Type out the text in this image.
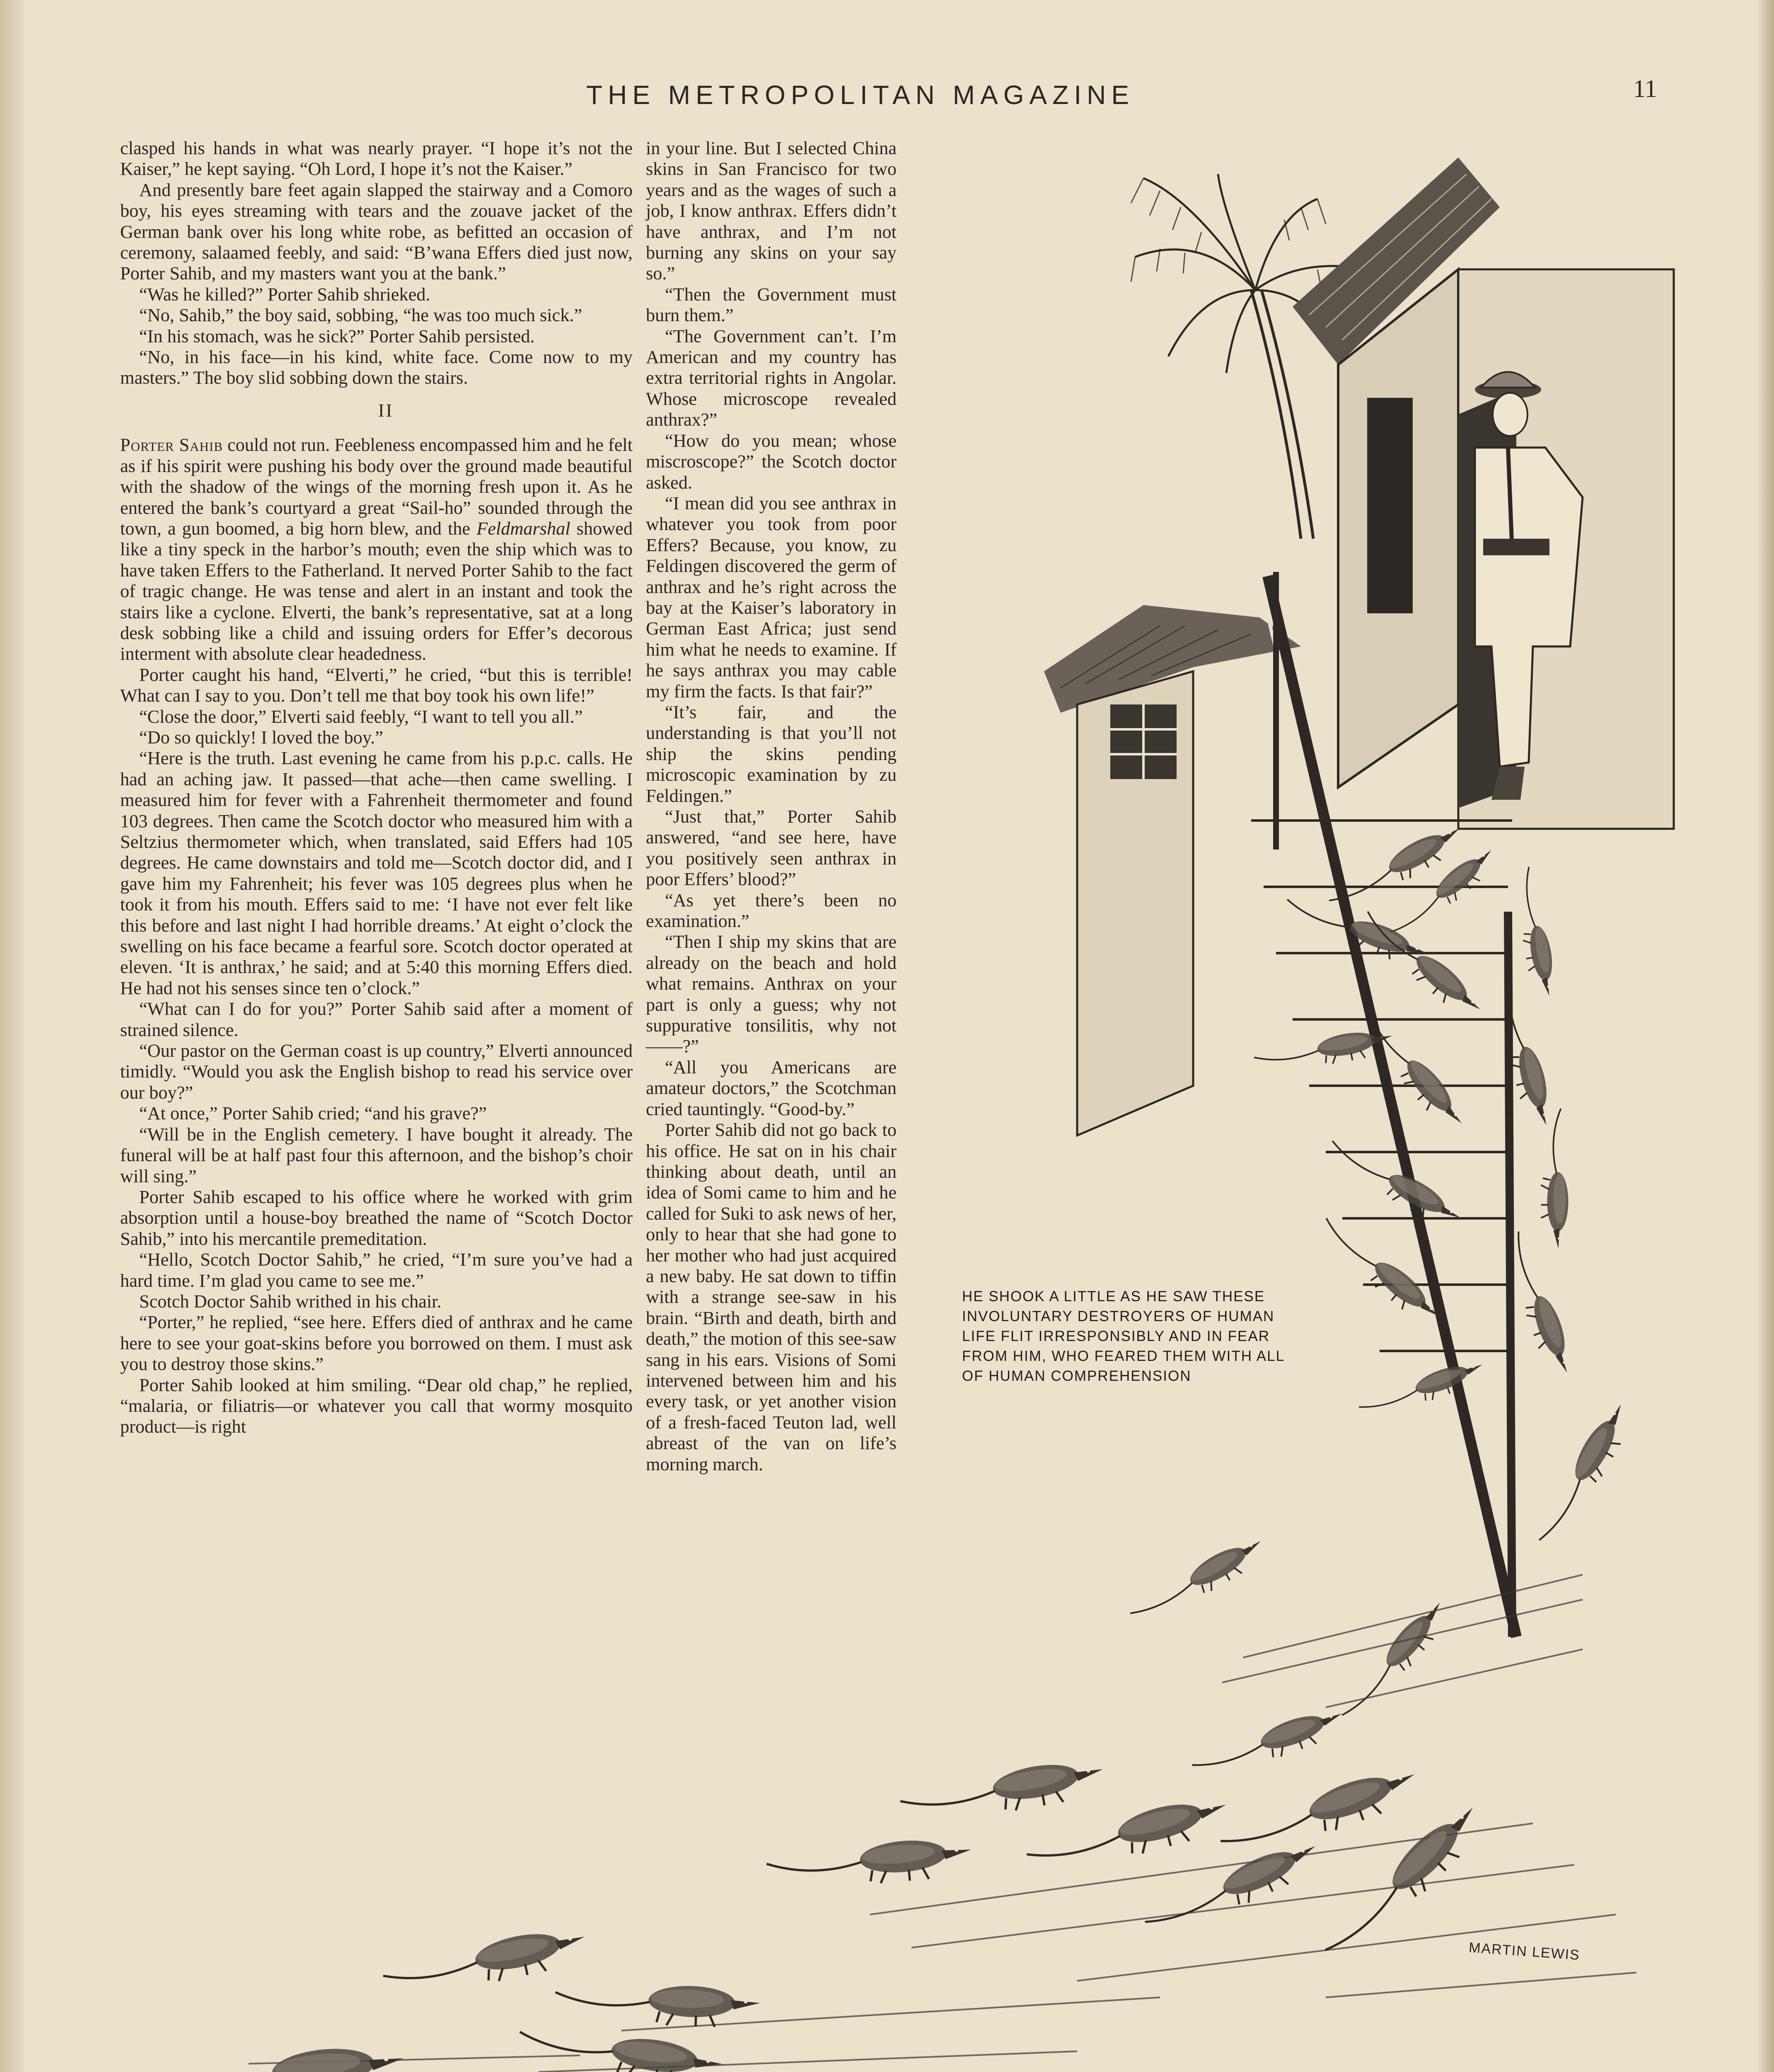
THE METROPOLITAN MAGAZINE	11

clasped his hands in what was nearly prayer. “I hope it’s not the Kaiser,” he kept saying. “Oh Lord, I hope it’s not the Kaiser.”

And presently bare feet again slapped the stairway and a Comoro boy, his eyes streaming with tears and the zouave jacket of the German bank over his long white robe, as befitted an occasion of ceremony, salaamed feebly, and said: “B’wana Effers died just now, Porter Sahib, and my masters want you at the bank.”

“Was he killed?” Porter Sahib shrieked.

“No, Sahib,” the boy said, sobbing, “he was too much sick.”

“In his stomach, was he sick?” Porter Sahib persisted.

“No, in his face—in his kind, white face. Come now to my masters.” The boy slid sobbing down the stairs.

II

Porter Sahib could not run. Feebleness encompassed him and he felt as if his spirit were pushing his body over the ground made beautiful with the shadow of the wings of the morning fresh upon it. As he entered the bank’s courtyard a great “Sail-ho” sounded through the town, a gun boomed, a big horn blew, and the Feldmarshal showed like a tiny speck in the harbor’s mouth; even the ship which was to have taken Effers to the Fatherland. It nerved Porter Sahib to the fact of tragic change. He was tense and alert in an instant and took the stairs like a cyclone. Elverti, the bank’s representative, sat at a long desk sobbing like a child and issuing orders for Effer’s decorous interment with absolute clear headedness.

Porter caught his hand, “Elverti,” he cried, “but this is terrible! What can I say to you. Don’t tell me that boy took his own life!”

“Close the door,” Elverti said feebly, “I want to tell you all.”

“Do so quickly! I loved the boy.”

“Here is the truth. Last evening he came from his p.p.c. calls. He had an aching jaw. It passed—that ache—then came swelling. I measured him for fever with a Fahrenheit thermometer and found 103 degrees. Then came the Scotch doctor who measured him with a Seltzius thermometer which, when translated, said Effers had 105 degrees. He came downstairs and told me—Scotch doctor did, and I gave him my Fahrenheit; his fever was 105 degrees plus when he took it from his mouth. Effers said to me: ‘I have not ever felt like this before and last night I had horrible dreams.’ At eight o’clock the swelling on his face became a fearful sore. Scotch doctor operated at eleven. ‘It is anthrax,’ he said; and at 5:40 this morning Effers died. He had not his senses since ten o’clock.”

“What can I do for you?” Porter Sahib said after a moment of strained silence.

“Our pastor on the German coast is up country,” Elverti announced timidly. “Would you ask the English bishop to read his service over our boy?”

“At once,” Porter Sahib cried; “and his grave?”

“Will be in the English cemetery. I have bought it already. The funeral will be at half past four this afternoon, and the bishop’s choir will sing.”

Porter Sahib escaped to his office where he worked with grim absorption until a house-boy breathed the name of “Scotch Doctor Sahib,” into his mercantile premeditation.

“Hello, Scotch Doctor Sahib,” he cried, “I’m sure you’ve had a hard time. I’m glad you came to see me.”

Scotch Doctor Sahib writhed in his chair.

“Porter,” he replied, “see here. Effers died of anthrax and he came here to see your goat-skins before you borrowed on them. I must ask you to destroy those skins.”

Porter Sahib looked at him smiling. “Dear old chap,” he replied, “malaria, or filiatris—or whatever you call that wormy mosquito product—is right

in your line. But I selected China skins in San Francisco for two years and as the wages of such a job, I know anthrax. Effers didn’t have anthrax, and I’m not burning any skins on your say so.”

“Then the Government must burn them.”

“The Government can’t. I’m American and my country has extra territorial rights in Angolar. Whose microscope revealed anthrax?”

“How do you mean; whose miscroscope?” the Scotch doctor asked.

“I mean did you see anthrax in whatever you took from poor Effers? Because, you know, zu Feldingen discovered the germ of anthrax and he’s right across the bay at the Kaiser’s laboratory in German East Africa; just send him what he needs to examine. If he says anthrax you may cable my firm the facts. Is that fair?”

“It’s fair, and the understanding is that you’ll not ship the skins pending microscopic examination by zu Feldingen.”

“Just that,” Porter Sahib answered, “and see here, have you positively seen anthrax in poor Effers’ blood?”

“As yet there’s been no examination.”

“Then I ship my skins that are already on the beach and hold what remains. Anthrax on your part is only a guess; why not suppurative tonsilitis, why not——?”

“All you Americans are amateur doctors,” the Scotchman cried tauntingly. “Good-by.”

Porter Sahib did not go back to his office. He sat on in his chair thinking about death, until an idea of Somi came to him and he called for Suki to ask news of her, only to hear that she had gone to her mother who had just acquired a new baby. He sat down to tiffin with a strange see-saw in his brain. “Birth and death, birth and death,” the motion of this see-saw sang in his ears. Visions of Somi intervened between him and his every task, or yet another vision of a fresh-faced Teuton lad, well abreast of the van on life’s morning march.

HE SHOOK A LITTLE AS HE SAW THESE INVOLUNTARY DESTROYERS OF HUMAN LIFE FLIT IRRESPONSIBLY AND IN FEAR FROM HIM, WHO FEARED THEM WITH ALL OF HUMAN COMPREHENSION
MARTIN LEWIS
